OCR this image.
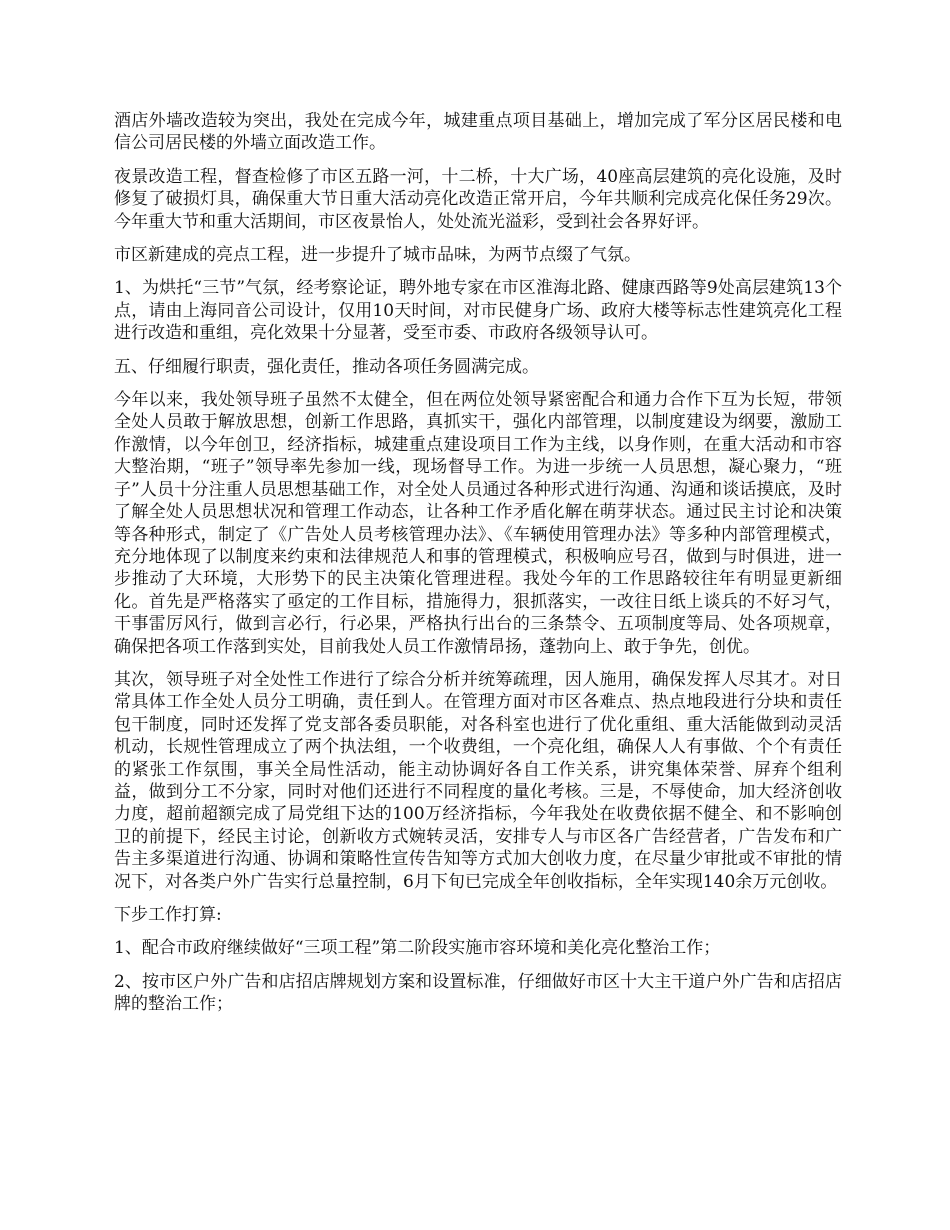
酒店外墙改造较为突出，我处在完成今年，城建重点项目基础上，增加完成了军分区居民楼和电信公司居民楼的外墙立面改造工作。

夜景改造工程，督查检修了市区五路一河，十二桥，十大广场，40座高层建筑的亮化设施，及时修复了破损灯具，确保重大节日重大活动亮化改造正常开启，今年共顺利完成亮化保任务29次。今年重大节和重大活期间，市区夜景怡人，处处流光溢彩，受到社会各界好评。

市区新建成的亮点工程，进一步提升了城市品味，为两节点缀了气氛。

1、为烘托“三节”气氛，经考察论证，聘外地专家在市区淮海北路、健康西路等9处高层建筑13个点，请由上海同音公司设计，仅用10天时间，对市民健身广场、政府大楼等标志性建筑亮化工程进行改造和重组，亮化效果十分显著，受至市委、市政府各级领导认可。

五、仔细履行职责，强化责任，推动各项任务圆满完成。

今年以来，我处领导班子虽然不太健全，但在两位处领导紧密配合和通力合作下互为长短，带领全处人员敢于解放思想，创新工作思路，真抓实干，强化内部管理，以制度建设为纲要，激励工作激情，以今年创卫，经济指标，城建重点建设项目工作为主线，以身作则，在重大活动和市容大整治期，“班子”领导率先参加一线，现场督导工作。为进一步统一人员思想，凝心聚力，“班子”人员十分注重人员思想基础工作，对全处人员通过各种形式进行沟通、沟通和谈话摸底，及时了解全处人员思想状况和管理工作动态，让各种工作矛盾化解在萌芽状态。通过民主讨论和决策等各种形式，制定了《广告处人员考核管理办法》、《车辆使用管理办法》等多种内部管理模式，充分地体现了以制度来约束和法律规范人和事的管理模式，积极响应号召，做到与时俱进，进一步推动了大环境，大形势下的民主决策化管理进程。我处今年的工作思路较往年有明显更新细化。首先是严格落实了亟定的工作目标，措施得力，狠抓落实，一改往日纸上谈兵的不好习气，干事雷厉风行，做到言必行，行必果，严格执行出台的三条禁令、五项制度等局、处各项规章，确保把各项工作落到实处，目前我处人员工作激情昂扬，蓬勃向上、敢于争先，创优。

其次，领导班子对全处性工作进行了综合分析并统筹疏理，因人施用，确保发挥人尽其才。对日常具体工作全处人员分工明确，责任到人。在管理方面对市区各难点、热点地段进行分块和责任包干制度，同时还发挥了党支部各委员职能，对各科室也进行了优化重组、重大活能做到动灵活机动，长规性管理成立了两个执法组，一个收费组，一个亮化组，确保人人有事做、个个有责任的紧张工作氛围，事关全局性活动，能主动协调好各自工作关系，讲究集体荣誉、屏弃个组利益，做到分工不分家，同时对他们还进行不同程度的量化考核。三是，不辱使命，加大经济创收力度，超前超额完成了局党组下达的100万经济指标，今年我处在收费依据不健全、和不影响创卫的前提下，经民主讨论，创新收方式婉转灵活，安排专人与市区各广告经营者，广告发布和广告主多渠道进行沟通、协调和策略性宣传告知等方式加大创收力度，在尽量少审批或不审批的情况下，对各类户外广告实行总量控制，6月下旬已完成全年创收指标，全年实现140余万元创收。

下步工作打算:

1、配合市政府继续做好“三项工程”第二阶段实施市容环境和美化亮化整治工作；

2、按市区户外广告和店招店牌规划方案和设置标准，仔细做好市区十大主干道户外广告和店招店牌的整治工作；
